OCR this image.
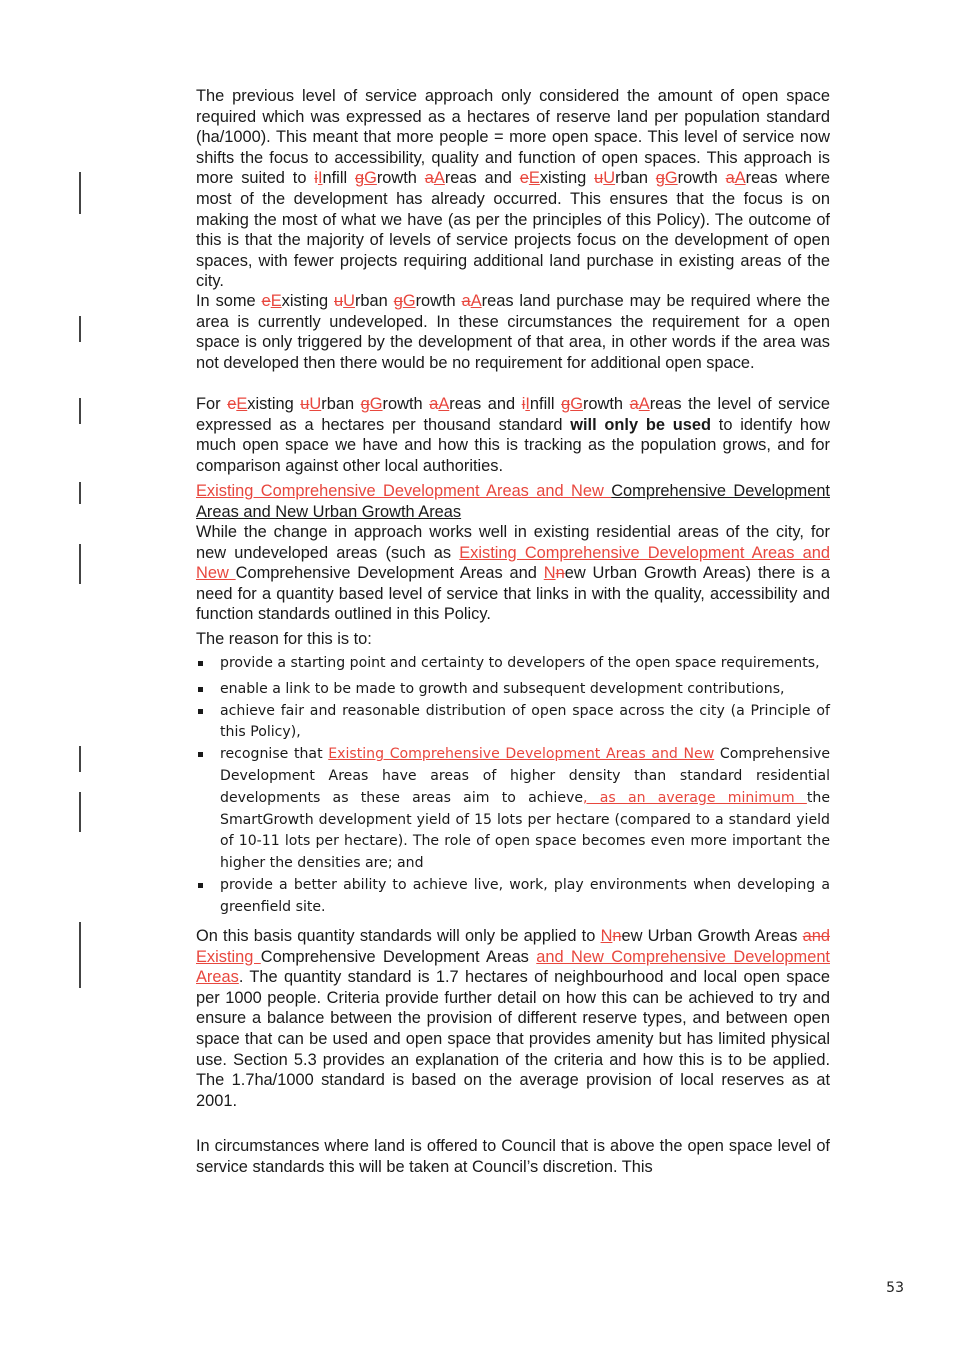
The previous level of service approach only considered the amount of open space required which was expressed as a hectares of reserve land per population standard (ha/1000). This meant that more people = more open space. This level of service now shifts the focus to accessibility, quality and function of open spaces. This approach is more suited to iInfill gGrowth aAreas and eExisting uUrban gGrowth aAreas where most of the development has already occurred. This ensures that the focus is on making the most of what we have (as per the principles of this Policy). The outcome of this is that the majority of levels of service projects focus on the development of open spaces, with fewer projects requiring additional land purchase in existing areas of the city.

In some eExisting uUrban gGrowth aAreas land purchase may be required where the area is currently undeveloped. In these circumstances the requirement for a open space is only triggered by the development of that area, in other words if the area was not developed then there would be no requirement for additional open space.

For eExisting uUrban gGrowth aAreas and iInfill gGrowth aAreas the level of service expressed as a hectares per thousand standard will only be used to identify how much open space we have and how this is tracking as the population grows, and for comparison against other local authorities.

Existing Comprehensive Development Areas and New Comprehensive Development Areas and New Urban Growth Areas

While the change in approach works well in existing residential areas of the city, for new undeveloped areas (such as Existing Comprehensive Development Areas and New Comprehensive Development Areas and Nnew Urban Growth Areas) there is a need for a quantity based level of service that links in with the quality, accessibility and function standards outlined in this Policy.

The reason for this is to:

provide a starting point and certainty to developers of the open space requirements,
enable a link to be made to growth and subsequent development contributions,
achieve fair and reasonable distribution of open space across the city (a Principle of this Policy),
recognise that Existing Comprehensive Development Areas and New Comprehensive Development Areas have areas of higher density than standard residential developments as these areas aim to achieve, as an average minimum the SmartGrowth development yield of 15 lots per hectare (compared to a standard yield of 10-11 lots per hectare). The role of open space becomes even more important the higher the densities are; and
provide a better ability to achieve live, work, play environments when developing a greenfield site.

On this basis quantity standards will only be applied to Nnew Urban Growth Areas and Existing Comprehensive Development Areas and New Comprehensive Development Areas. The quantity standard is 1.7 hectares of neighbourhood and local open space per 1000 people. Criteria provide further detail on how this can be achieved to try and ensure a balance between the provision of different reserve types, and between open space that can be used and open space that provides amenity but has limited physical use. Section 5.3 provides an explanation of the criteria and how this is to be applied. The 1.7ha/1000 standard is based on the average provision of local reserves as at 2001.

In circumstances where land is offered to Council that is above the open space level of service standards this will be taken at Council’s discretion. This

53
